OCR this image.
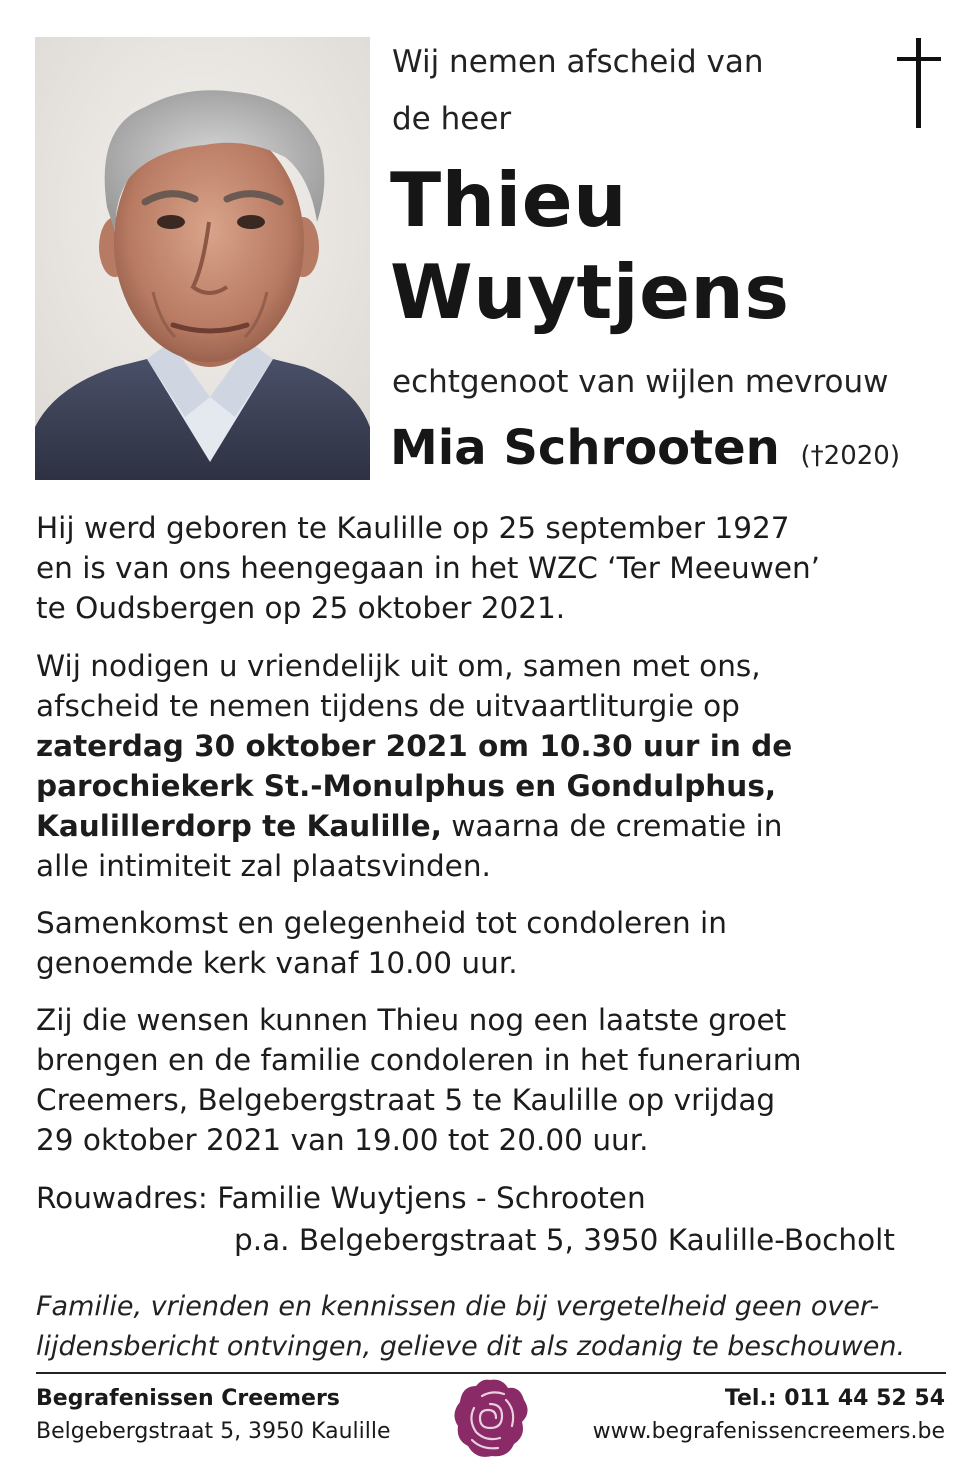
Wij nemen afscheid van
de heer
Thieu
Wuytjens
echtgenoot van wijlen mevrouw
Mia Schrooten (†2020)
Hij werd geboren te Kaulille op 25 september 1927
en is van ons heengegaan in het WZC ‘Ter Meeuwen’
te Oudsbergen op 25 oktober 2021.
Wij nodigen u vriendelijk uit om, samen met ons,
afscheid te nemen tijdens de uitvaartliturgie op
zaterdag 30 oktober 2021 om 10.30 uur in de
parochiekerk St.-Monulphus en Gondulphus,
Kaulillerdorp te Kaulille, waarna de crematie in
alle intimiteit zal plaatsvinden.
Samenkomst en gelegenheid tot condoleren in
genoemde kerk vanaf 10.00 uur.
Zij die wensen kunnen Thieu nog een laatste groet
brengen en de familie condoleren in het funerarium
Creemers, Belgebergstraat 5 te Kaulille op vrijdag
29 oktober 2021 van 19.00 tot 20.00 uur.
Rouwadres: Familie Wuytjens - Schrooten
p.a. Belgebergstraat 5, 3950 Kaulille-Bocholt
Familie, vrienden en kennissen die bij vergetelheid geen over-
lijdensbericht ontvingen, gelieve dit als zodanig te beschouwen.
Begrafenissen Creemers
Belgebergstraat 5, 3950 Kaulille
Tel.: 011 44 52 54
www.begrafenissencreemers.be
